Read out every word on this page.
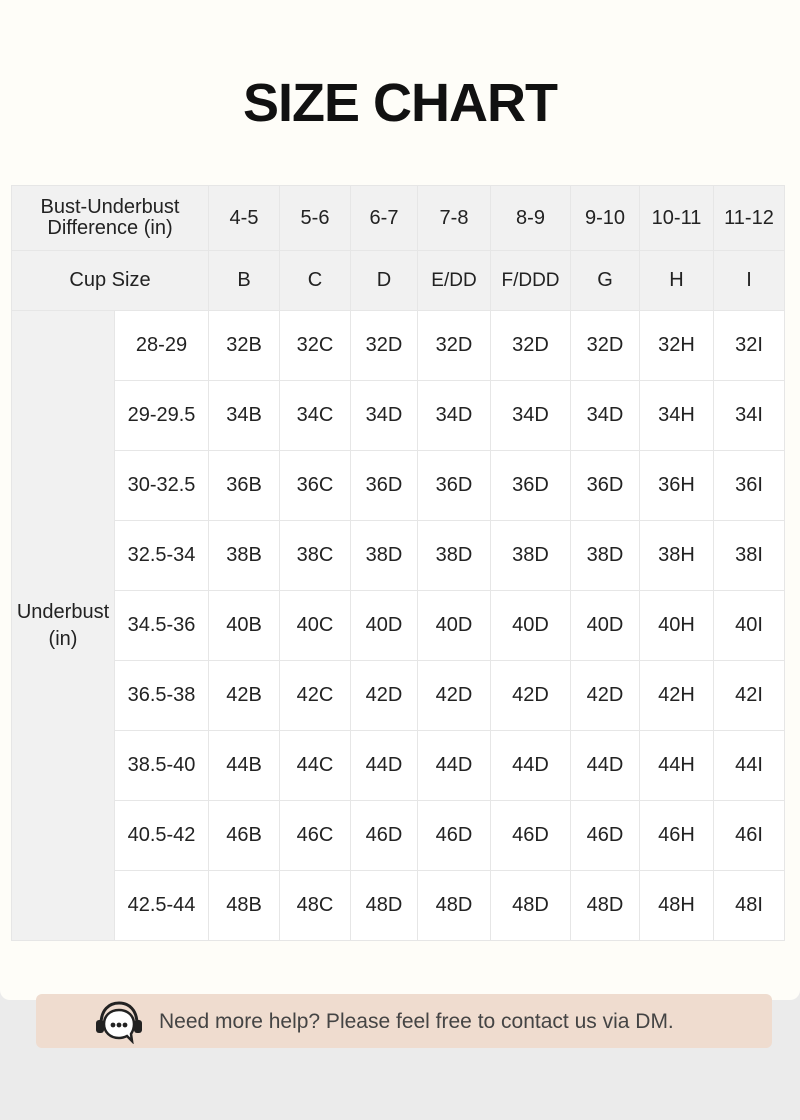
SIZE CHART
Bust-Underbust Difference (in)		4-5	5-6	6-7	7-8	8-9	9-10	10-11	11-12
Cup Size		B	C	D	E/DD	F/DDD	G	H	I
Underbust (in)	28-29	32B	32C	32D	32D	32D	32D	32H	32I
	29-29.5	34B	34C	34D	34D	34D	34D	34H	34I
	30-32.5	36B	36C	36D	36D	36D	36D	36H	36I
	32.5-34	38B	38C	38D	38D	38D	38D	38H	38I
	34.5-36	40B	40C	40D	40D	40D	40D	40H	40I
	36.5-38	42B	42C	42D	42D	42D	42D	42H	42I
	38.5-40	44B	44C	44D	44D	44D	44D	44H	44I
	40.5-42	46B	46C	46D	46D	46D	46D	46H	46I
	42.5-44	48B	48C	48D	48D	48D	48D	48H	48I
Need more help? Please feel free to contact us via DM.
